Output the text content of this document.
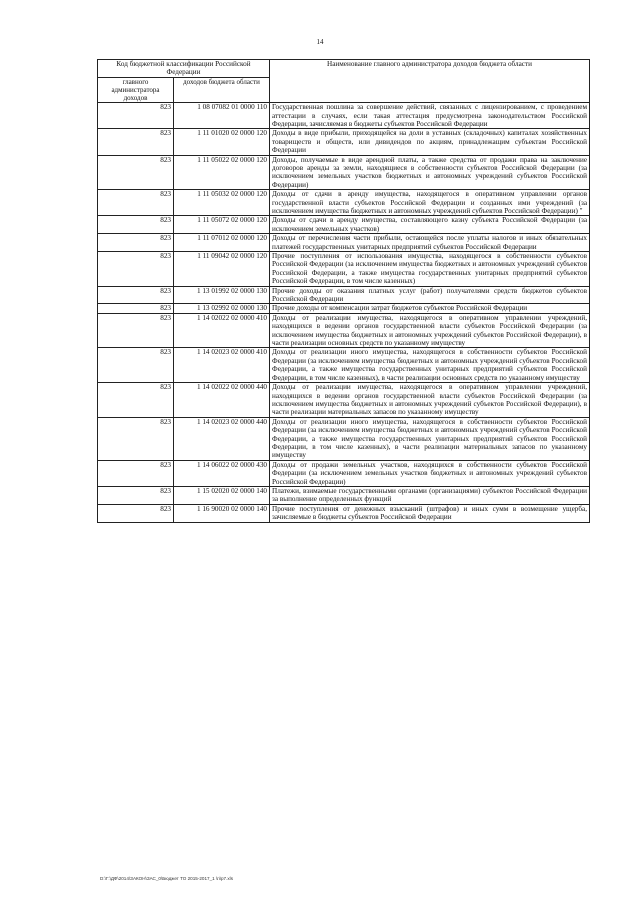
14
Код бюджетной классификации Российской Федерации		Наименование главного администратора доходов бюджета области
главного администратора доходов	доходов бюджета области	
823	1 08 07082 01 0000 110	Государственная пошлина за совершение действий, связанных с лицензированием, с проведением аттестации в случаях, если такая аттестация предусмотрена законодательством Российской Федерации, зачисляемая в бюджеты субъектов Российской Федерации
823	1 11 01020 02 0000 120	Доходы в виде прибыли, приходящейся на доли в уставных (складочных) капиталах хозяйственных товариществ и обществ, или дивидендов по акциям, принадлежащим субъектам Российской Федерации
823	1 11 05022 02 0000 120	Доходы, получаемые в виде арендной платы, а также средства от продажи права на заключение договоров аренды за земли, находящиеся в собственности субъектов Российской Федерации (за исключением земельных участков бюджетных и автономных учреждений субъектов Российской Федерации)
823	1 11 05032 02 0000 120	Доходы от сдачи в аренду имущества, находящегося в оперативном управлении органов государственной власти субъектов Российской Федерации и созданных ими учреждений (за исключением имущества бюджетных и автономных учреждений субъектов Российской Федерации) "
823	1 11 05072 02 0000 120	Доходы от сдачи в аренду имущества, составляющего казну субъекта Российской Федерации (за исключением земельных участков)
823	1 11 07012 02 0000 120	Доходы от перечисления части прибыли, остающейся после уплаты налогов и иных обязательных платежей государственных унитарных предприятий субъектов Российской Федерации
823	1 11 09042 02 0000 120	Прочие поступления от использования имущества, находящегося в собственности субъектов Российской Федерации (за исключением имущества бюджетных и автономных учреждений субъектов Российской Федерации, а также имущества государственных унитарных предприятий субъектов Российской Федерации, в том числе казенных)
823	1 13 01992 02 0000 130	Прочие доходы от оказания платных услуг (работ) получателями средств бюджетов субъектов Российской Федерации
823	1 13 02992 02 0000 130	Прочие доходы от компенсации затрат бюджетов субъектов Российской Федерации
823	1 14 02022 02 0000 410	Доходы от реализации имущества, находящегося в оперативном управлении учреждений, находящихся в ведении органов государственной власти субъектов Российской Федерации (за исключением имущества бюджетных и автономных учреждений субъектов Российской Федерации), в части реализации основных средств по указанному имуществу
823	1 14 02023 02 0000 410	Доходы от реализации иного имущества, находящегося в собственности субъектов Российской Федерации (за исключением имущества бюджетных и автономных учреждений субъектов Российской Федерации, а также имущества государственных унитарных предприятий субъектов Российской Федерации, в том числе казенных), в части реализации основных средств по указанному имуществу
823	1 14 02022 02 0000 440	Доходы от реализации имущества, находящегося в оперативном управлении учреждений, находящихся в ведении органов государственной власти субъектов Российской Федерации (за исключением имущества бюджетных и автономных учреждений субъектов Российской Федерации), в части реализации материальных запасов по указанному имуществу
823	1 14 02023 02 0000 440	Доходы от реализации иного имущества, находящегося в собственности субъектов Российской Федерации (за исключением имущества бюджетных и автономных учреждений субъектов Российской Федерации, а также имущества государственных унитарных предприятий субъектов Российской Федерации, в том числе казенных), в части реализации материальных запасов по указанному имуществу
823	1 14 06022 02 0000 430	Доходы от продажи земельных участков, находящихся в собственности субъектов Российской Федерации (за исключением земельных участков бюджетных и автономных учреждений субъектов Российской Федерации)
823	1 15 02020 02 0000 140	Платежи, взимаемые государственными органами (организациями) субъектов Российской Федерации за выполнение определенных функций
823	1 16 90020 02 0000 140	Прочие поступления от денежных взысканий (штрафов) и иных сумм в возмещение ущерба, зачисляемые в бюджеты субъектов Российской Федерации
D:\Г:\ДФ\2014\ЗАКОН\ЗАС_0\Бюджет ТО 2015-2017_1 \п\р7.xls
